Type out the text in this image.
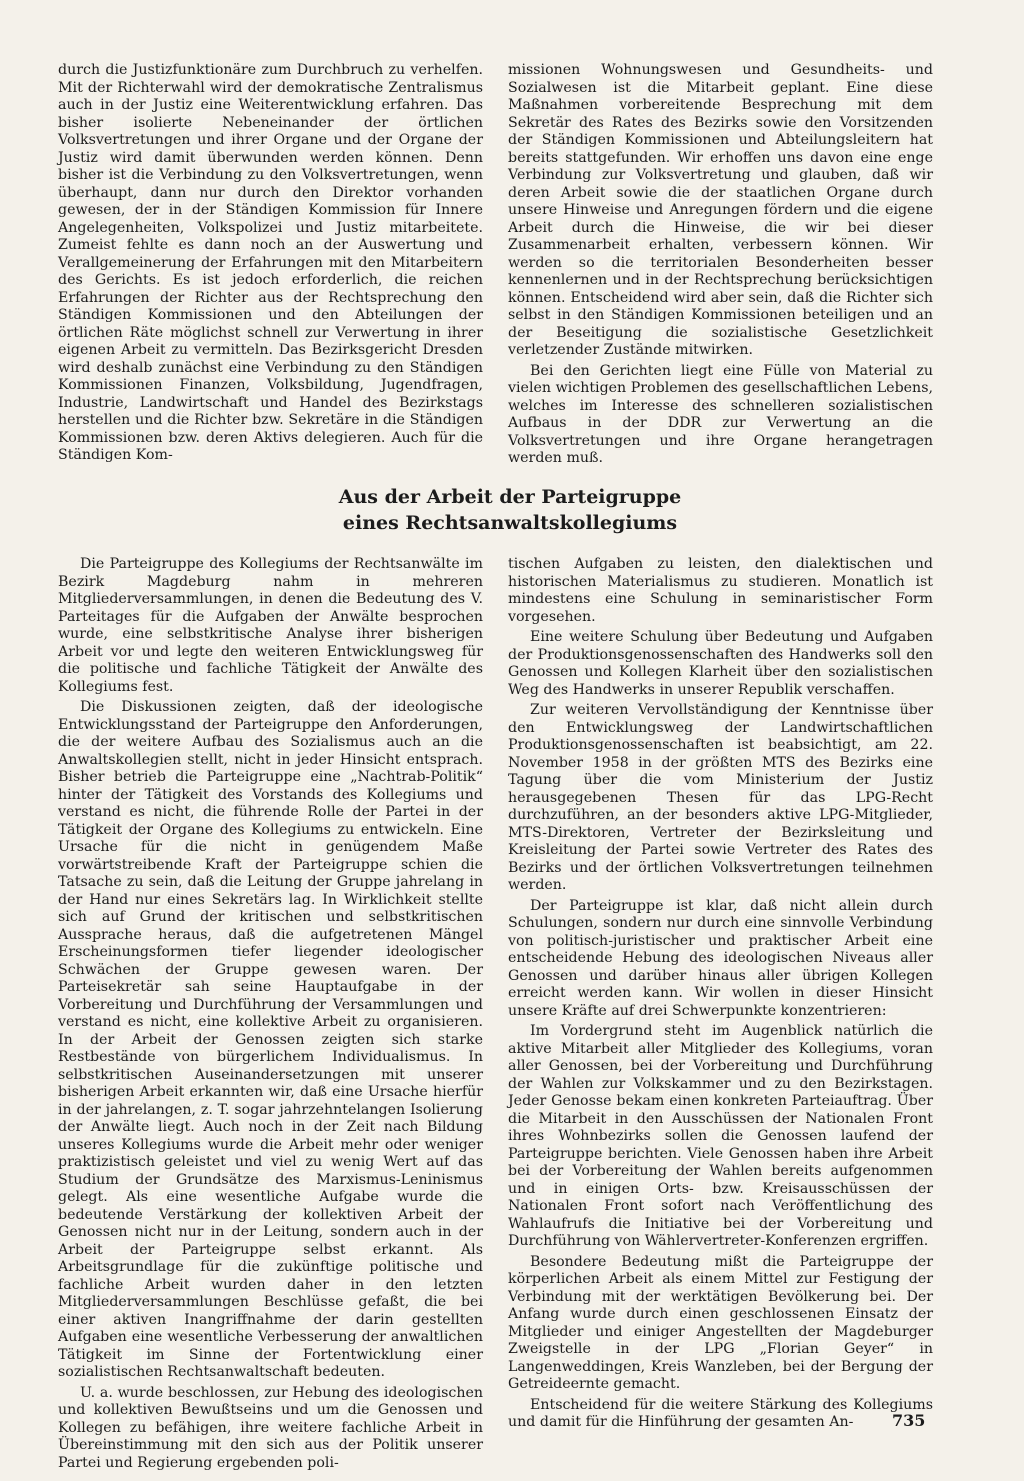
durch die Justizfunktionäre zum Durchbruch zu verhelfen. Mit der Richterwahl wird der demokratische Zentralismus auch in der Justiz eine Weiterentwicklung erfahren. Das bisher isolierte Nebeneinander der örtlichen Volksvertretungen und ihrer Organe und der Organe der Justiz wird damit überwunden werden können. Denn bisher ist die Verbindung zu den Volksvertretungen, wenn überhaupt, dann nur durch den Direktor vorhanden gewesen, der in der Ständigen Kommission für Innere Angelegenheiten, Volkspolizei und Justiz mitarbeitete. Zumeist fehlte es dann noch an der Auswertung und Verallgemeinerung der Erfahrungen mit den Mitarbeitern des Gerichts. Es ist jedoch erforderlich, die reichen Erfahrungen der Richter aus der Rechtsprechung den Ständigen Kommissionen und den Abteilungen der örtlichen Räte möglichst schnell zur Verwertung in ihrer eigenen Arbeit zu vermitteln. Das Bezirksgericht Dresden wird deshalb zunächst eine Verbindung zu den Ständigen Kommissionen Finanzen, Volksbildung, Jugendfragen, Industrie, Landwirtschaft und Handel des Bezirkstags herstellen und die Richter bzw. Sekretäre in die Ständigen Kommissionen bzw. deren Aktivs delegieren. Auch für die Ständigen Kom-

missionen Wohnungswesen und Gesundheits- und Sozialwesen ist die Mitarbeit geplant. Eine diese Maßnahmen vorbereitende Besprechung mit dem Sekretär des Rates des Bezirks sowie den Vorsitzenden der Ständigen Kommissionen und Abteilungsleitern hat bereits stattgefunden. Wir erhoffen uns davon eine enge Verbindung zur Volksvertretung und glauben, daß wir deren Arbeit sowie die der staatlichen Organe durch unsere Hinweise und Anregungen fördern und die eigene Arbeit durch die Hinweise, die wir bei dieser Zusammenarbeit erhalten, verbessern können. Wir werden so die territorialen Besonderheiten besser kennenlernen und in der Rechtsprechung berücksichtigen können. Entscheidend wird aber sein, daß die Richter sich selbst in den Ständigen Kommissionen beteiligen und an der Beseitigung die sozialistische Gesetzlichkeit verletzender Zustände mitwirken.

Bei den Gerichten liegt eine Fülle von Material zu vielen wichtigen Problemen des gesellschaftlichen Lebens, welches im Interesse des schnelleren sozialistischen Aufbaus in der DDR zur Verwertung an die Volksvertretungen und ihre Organe herangetragen werden muß.

Aus der Arbeit der Parteigruppe
eines Rechtsanwaltskollegiums

Die Parteigruppe des Kollegiums der Rechtsanwälte im Bezirk Magdeburg nahm in mehreren Mitgliederversammlungen, in denen die Bedeutung des V. Parteitages für die Aufgaben der Anwälte besprochen wurde, eine selbstkritische Analyse ihrer bisherigen Arbeit vor und legte den weiteren Entwicklungsweg für die politische und fachliche Tätigkeit der Anwälte des Kollegiums fest.

Die Diskussionen zeigten, daß der ideologische Entwicklungsstand der Parteigruppe den Anforderungen, die der weitere Aufbau des Sozialismus auch an die Anwaltskollegien stellt, nicht in jeder Hinsicht entsprach. Bisher betrieb die Parteigruppe eine „Nachtrab-Politik“ hinter der Tätigkeit des Vorstands des Kollegiums und verstand es nicht, die führende Rolle der Partei in der Tätigkeit der Organe des Kollegiums zu entwickeln. Eine Ursache für die nicht in genügendem Maße vorwärtstreibende Kraft der Parteigruppe schien die Tatsache zu sein, daß die Leitung der Gruppe jahrelang in der Hand nur eines Sekretärs lag. In Wirklichkeit stellte sich auf Grund der kritischen und selbstkritischen Aussprache heraus, daß die aufgetretenen Mängel Erscheinungsformen tiefer liegender ideologischer Schwächen der Gruppe gewesen waren. Der Parteisekretär sah seine Hauptaufgabe in der Vorbereitung und Durchführung der Versammlungen und verstand es nicht, eine kollektive Arbeit zu organisieren. In der Arbeit der Genossen zeigten sich starke Restbestände von bürgerlichem Individualismus. In selbstkritischen Auseinandersetzungen mit unserer bisherigen Arbeit erkannten wir, daß eine Ursache hierfür in der jahrelangen, z. T. sogar jahrzehntelangen Isolierung der Anwälte liegt. Auch noch in der Zeit nach Bildung unseres Kollegiums wurde die Arbeit mehr oder weniger praktizistisch geleistet und viel zu wenig Wert auf das Studium der Grundsätze des Marxismus-Leninismus gelegt. Als eine wesentliche Aufgabe wurde die bedeutende Verstärkung der kollektiven Arbeit der Genossen nicht nur in der Leitung, sondern auch in der Arbeit der Parteigruppe selbst erkannt. Als Arbeitsgrundlage für die zukünftige politische und fachliche Arbeit wurden daher in den letzten Mitgliederversammlungen Beschlüsse gefaßt, die bei einer aktiven Inangriffnahme der darin gestellten Aufgaben eine wesentliche Verbesserung der anwaltlichen Tätigkeit im Sinne der Fortentwicklung einer sozialistischen Rechtsanwaltschaft bedeuten.

U. a. wurde beschlossen, zur Hebung des ideologischen und kollektiven Bewußtseins und um die Genossen und Kollegen zu befähigen, ihre weitere fachliche Arbeit in Übereinstimmung mit den sich aus der Politik unserer Partei und Regierung ergebenden poli-

tischen Aufgaben zu leisten, den dialektischen und historischen Materialismus zu studieren. Monatlich ist mindestens eine Schulung in seminaristischer Form vorgesehen.

Eine weitere Schulung über Bedeutung und Aufgaben der Produktionsgenossenschaften des Handwerks soll den Genossen und Kollegen Klarheit über den sozialistischen Weg des Handwerks in unserer Republik verschaffen.

Zur weiteren Vervollständigung der Kenntnisse über den Entwicklungsweg der Landwirtschaftlichen Produktionsgenossenschaften ist beabsichtigt, am 22. November 1958 in der größten MTS des Bezirks eine Tagung über die vom Ministerium der Justiz herausgegebenen Thesen für das LPG-Recht durchzuführen, an der besonders aktive LPG-Mitglieder, MTS-Direktoren, Vertreter der Bezirksleitung und Kreisleitung der Partei sowie Vertreter des Rates des Bezirks und der örtlichen Volksvertretungen teilnehmen werden.

Der Parteigruppe ist klar, daß nicht allein durch Schulungen, sondern nur durch eine sinnvolle Verbindung von politisch-juristischer und praktischer Arbeit eine entscheidende Hebung des ideologischen Niveaus aller Genossen und darüber hinaus aller übrigen Kollegen erreicht werden kann. Wir wollen in dieser Hinsicht unsere Kräfte auf drei Schwerpunkte konzentrieren:

Im Vordergrund steht im Augenblick natürlich die aktive Mitarbeit aller Mitglieder des Kollegiums, voran aller Genossen, bei der Vorbereitung und Durchführung der Wahlen zur Volkskammer und zu den Bezirkstagen. Jeder Genosse bekam einen konkreten Parteiauftrag. Über die Mitarbeit in den Ausschüssen der Nationalen Front ihres Wohnbezirks sollen die Genossen laufend der Parteigruppe berichten. Viele Genossen haben ihre Arbeit bei der Vorbereitung der Wahlen bereits aufgenommen und in einigen Orts- bzw. Kreisausschüssen der Nationalen Front sofort nach Veröffentlichung des Wahlaufrufs die Initiative bei der Vorbereitung und Durchführung von Wählervertreter-Konferenzen ergriffen.

Besondere Bedeutung mißt die Parteigruppe der körperlichen Arbeit als einem Mittel zur Festigung der Verbindung mit der werktätigen Bevölkerung bei. Der Anfang wurde durch einen geschlossenen Einsatz der Mitglieder und einiger Angestellten der Magdeburger Zweigstelle in der LPG „Florian Geyer“ in Langenweddingen, Kreis Wanzleben, bei der Bergung der Getreideernte gemacht.

Entscheidend für die weitere Stärkung des Kollegiums und damit für die Hinführung der gesamten An-	735
